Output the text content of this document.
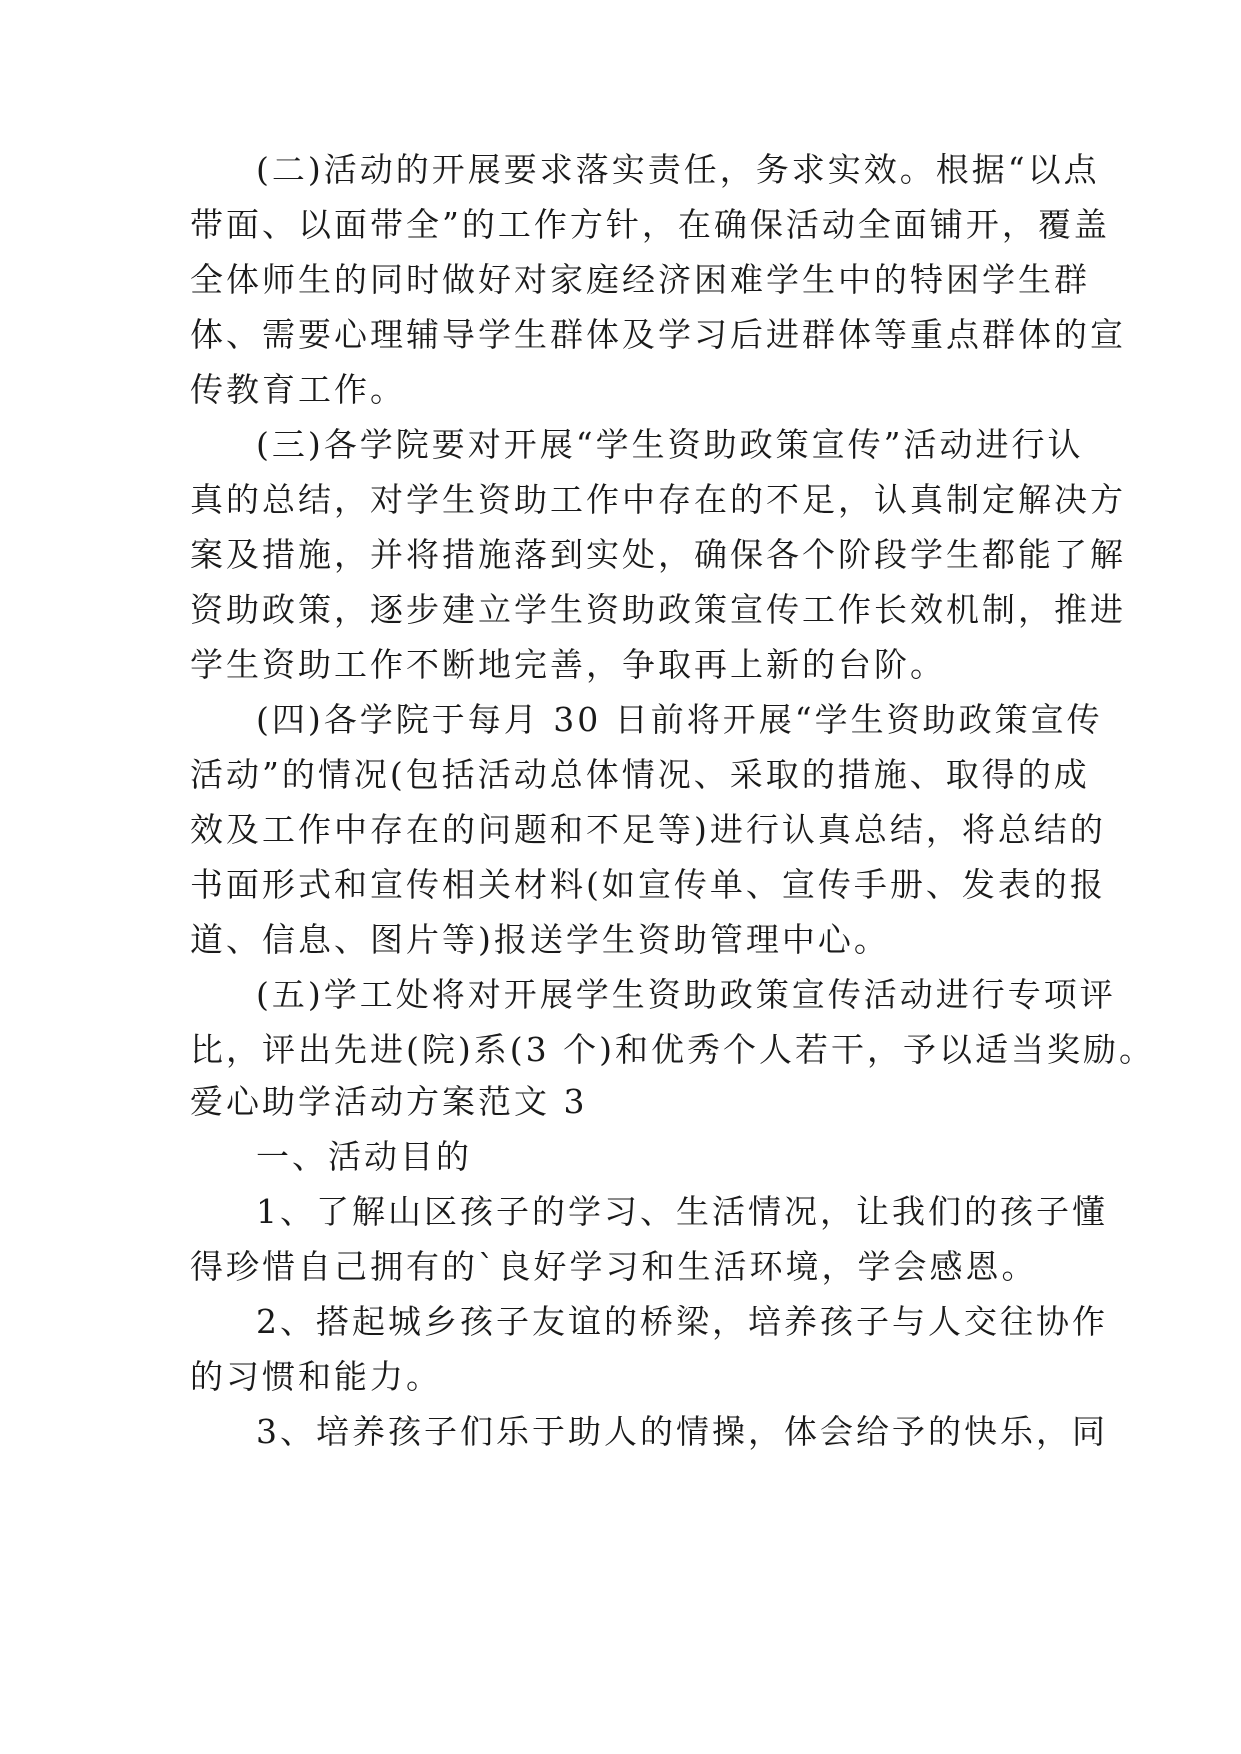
(二)活动的开展要求落实责任，务求实效。根据“以点
带面、以面带全”的工作方针，在确保活动全面铺开，覆盖
全体师生的同时做好对家庭经济困难学生中的特困学生群
体、需要心理辅导学生群体及学习后进群体等重点群体的宣
传教育工作。
(三)各学院要对开展“学生资助政策宣传”活动进行认
真的总结，对学生资助工作中存在的不足，认真制定解决方
案及措施，并将措施落到实处，确保各个阶段学生都能了解
资助政策，逐步建立学生资助政策宣传工作长效机制，推进
学生资助工作不断地完善，争取再上新的台阶。
(四)各学院于每月 30 日前将开展“学生资助政策宣传
活动”的情况(包括活动总体情况、采取的措施、取得的成
效及工作中存在的问题和不足等)进行认真总结，将总结的
书面形式和宣传相关材料(如宣传单、宣传手册、发表的报
道、信息、图片等)报送学生资助管理中心。
(五)学工处将对开展学生资助政策宣传活动进行专项评
比，评出先进(院)系(3 个)和优秀个人若干，予以适当奖励。
爱心助学活动方案范文 3
一、活动目的
1、了解山区孩子的学习、生活情况，让我们的孩子懂
得珍惜自己拥有的`良好学习和生活环境，学会感恩。
2、搭起城乡孩子友谊的桥梁，培养孩子与人交往协作
的习惯和能力。
3、培养孩子们乐于助人的情操，体会给予的快乐，同
